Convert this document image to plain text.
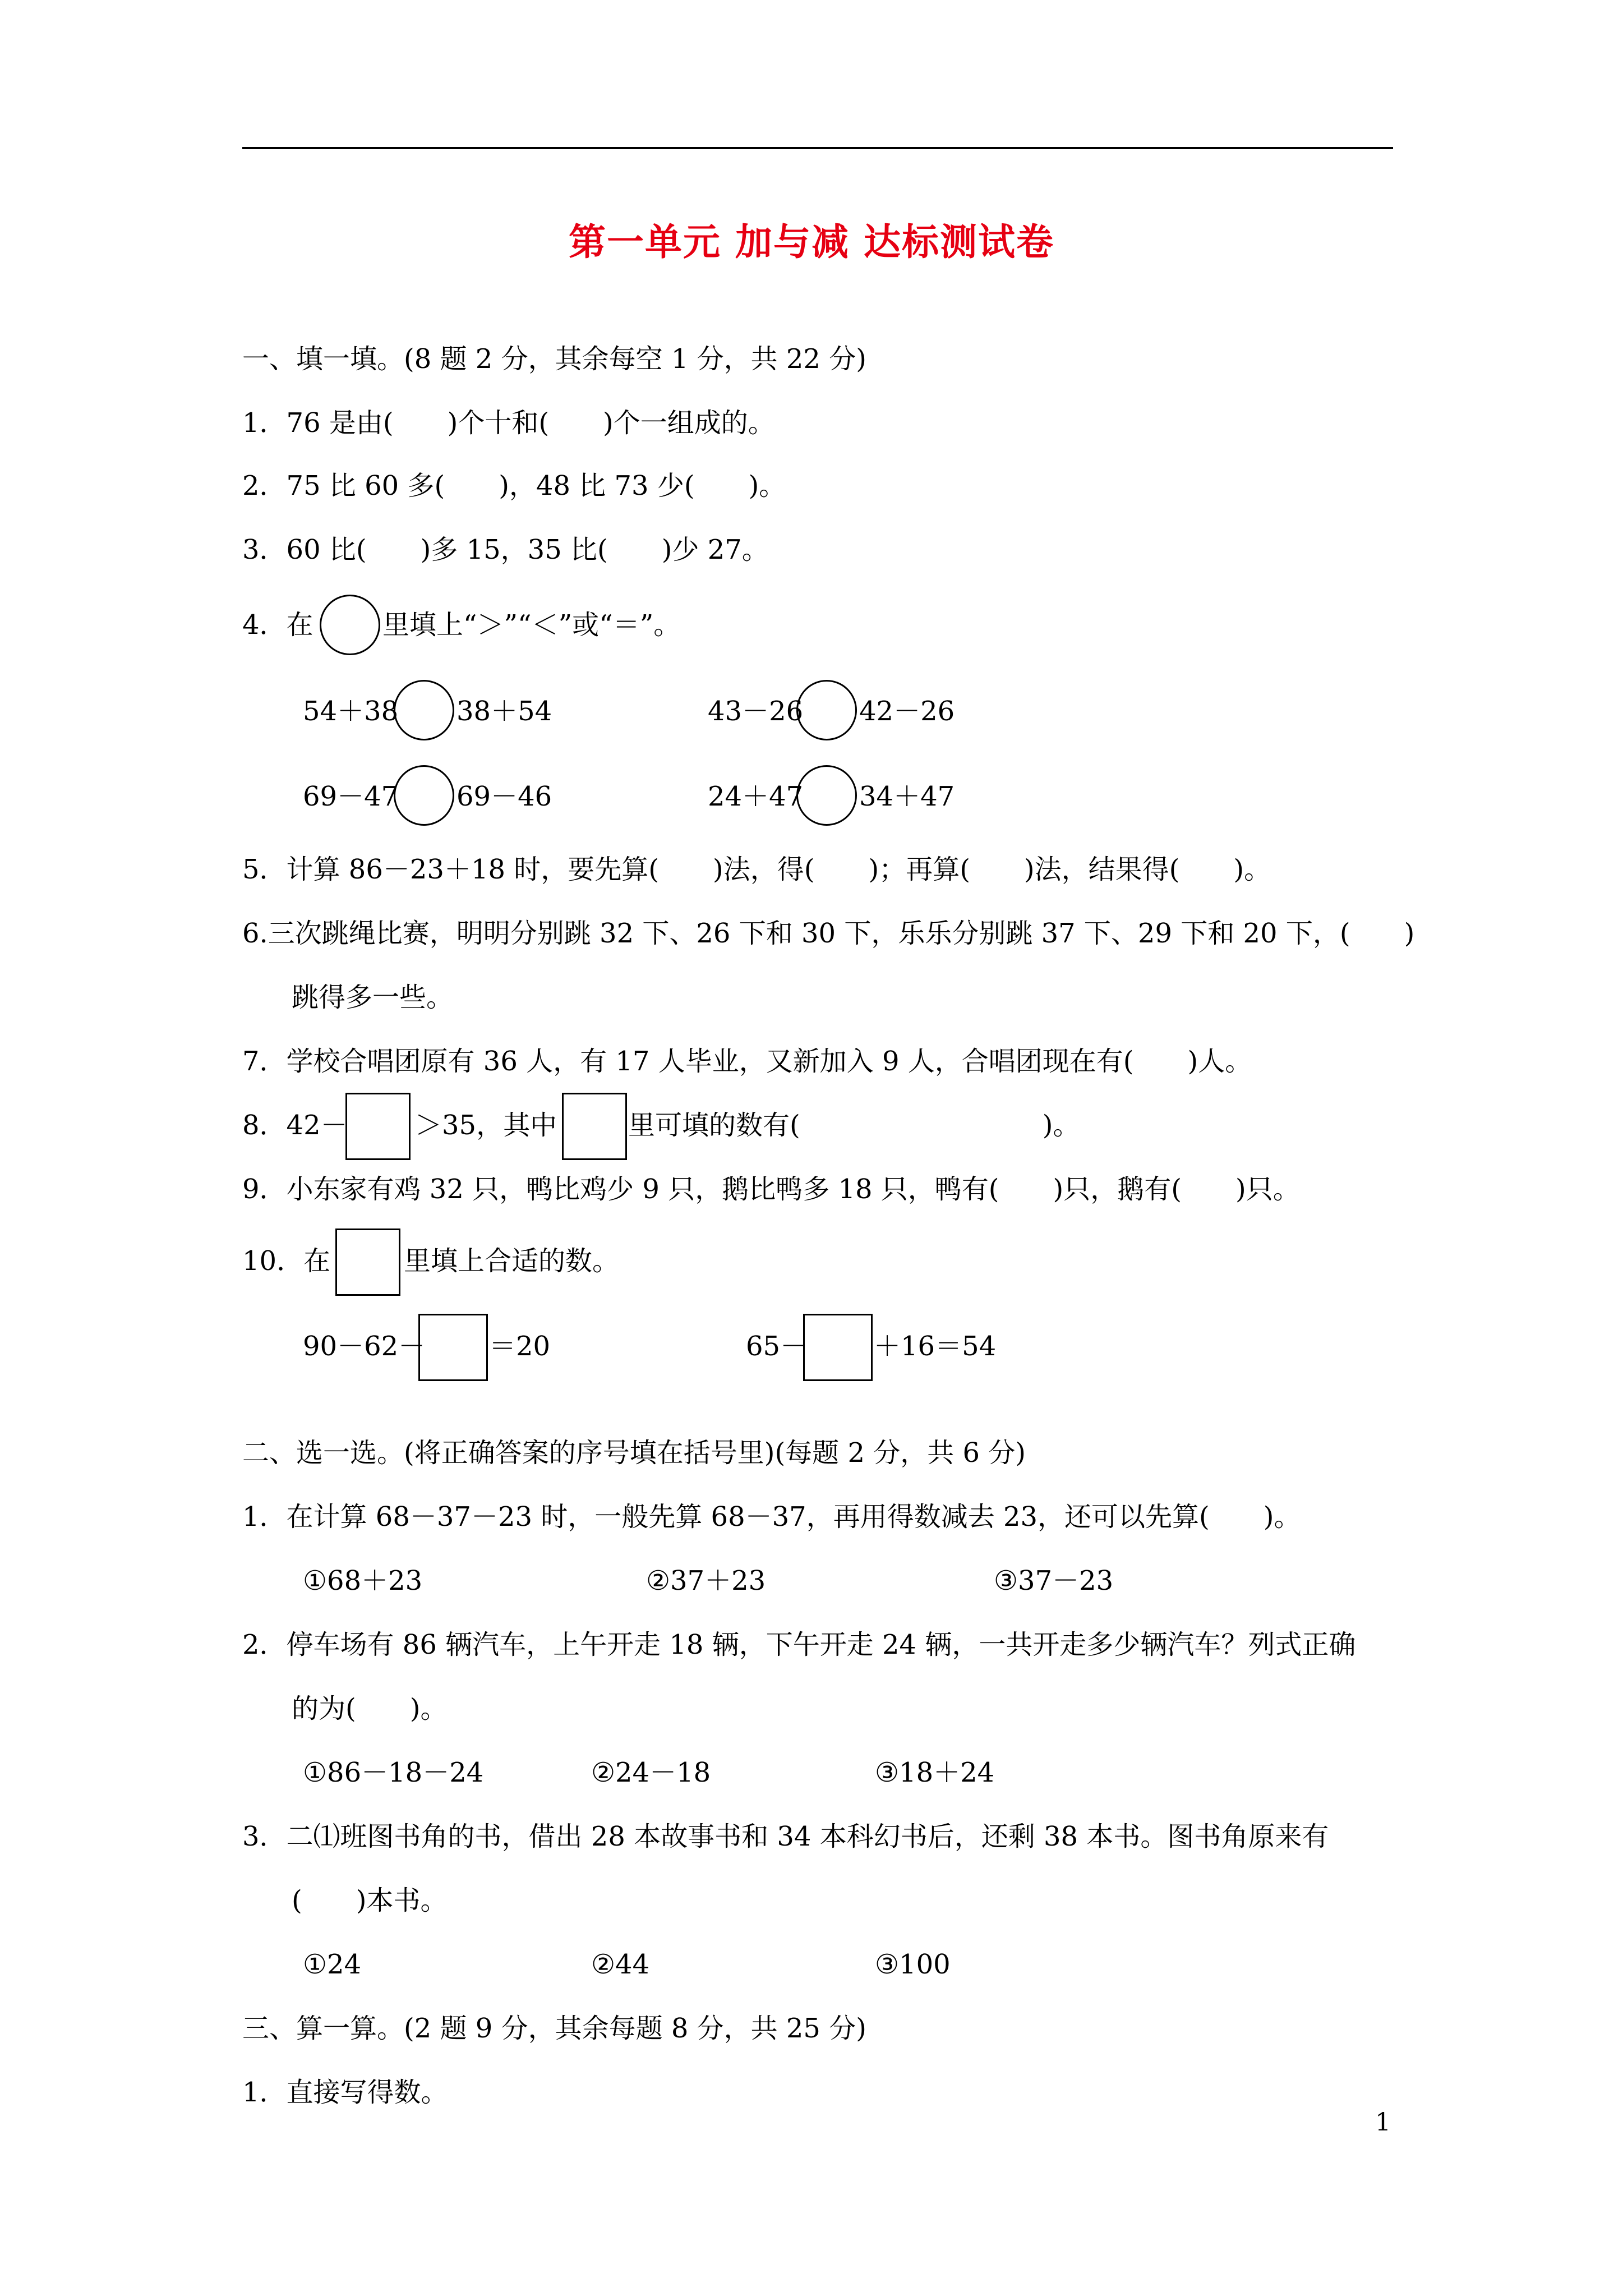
第一单元 加与减 达标测试卷
一、填一填。(8 题 2 分，其余每空 1 分，共 22 分)
1．76 是由(　　)个十和(　　)个一组成的。
2．75 比 60 多(　　)，48 比 73 少(　　)。
3．60 比(　　)多 15，35 比(　　)少 27。
4．在	里填上“＞”“＜”或“＝”。
54＋38 38＋54	43－26 42－26
69－47 69－46	24＋47 34＋47
5．计算 86－23＋18 时，要先算(　　)法，得(　　)；再算(　　)法，结果得(　　)。
6.三次跳绳比赛，明明分别跳 32 下、26 下和 30 下，乐乐分别跳 37 下、29 下和 20 下，(　　)
跳得多一些。
7．学校合唱团原有 36 人，有 17 人毕业，又新加入 9 人，合唱团现在有(　　)人。
8．42－	＞35，其中	里可填的数有(　　　　　　　　　)。
9．小东家有鸡 32 只，鸭比鸡少 9 只，鹅比鸭多 18 只，鸭有(　　)只，鹅有(　　)只。
10．在	里填上合适的数。
90－62－ ＝20	65－ ＋16＝54
二、选一选。(将正确答案的序号填在括号里)(每题 2 分，共 6 分)
1．在计算 68－37－23 时，一般先算 68－37，再用得数减去 23，还可以先算(　　)。
①68＋23	②37＋23	③37－23
2．停车场有 86 辆汽车，上午开走 18 辆，下午开走 24 辆，一共开走多少辆汽车？列式正确
的为(　　)。
①86－18－24	②24－18	③18＋24
3．二⑴班图书角的书，借出 28 本故事书和 34 本科幻书后，还剩 38 本书。图书角原来有
(　　)本书。
①24	②44	③100
三、算一算。(2 题 9 分，其余每题 8 分，共 25 分)
1．直接写得数。
1
